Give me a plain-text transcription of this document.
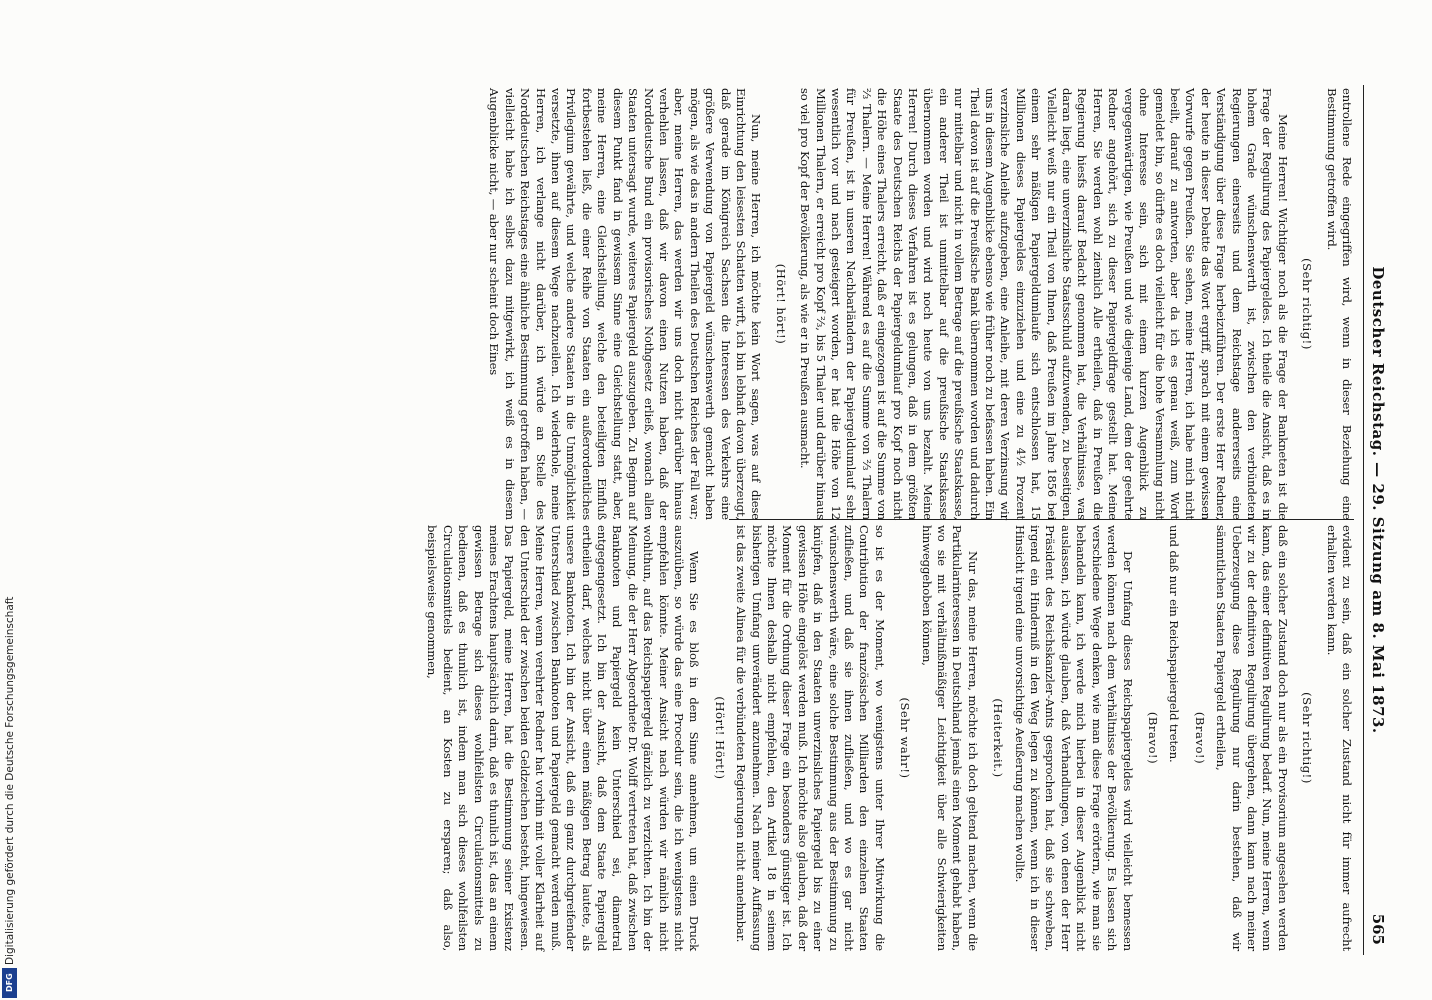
Deutscher Reichstag. — 29. Sitzung am 8. Mai 1873.
565

entrollene Rede eingegriffen wird, wenn in dieser Beziehung eine Bestimmung getroffen wird.

(Sehr richtig!)

Meine Herren! Wichtiger noch als die Frage der Bankneten ist die Frage der Regulirung des Papiergeldes. Ich theile die Ansicht, daß es in hohem Grade wünschenswerth ist, zwischen den verbündeten Regierungen einerseits und dem Reichstage andererseits eine Verständigung über diese Frage herbeizuführen. Der erste Herr Redner, der heute in dieser Debatte das Wort ergriff, sprach mit einem gewissen Vorwurfe gegen Preußen. Sie sehen, meine Herren, ich habe mich nicht beeilt, darauf zu antworten, aber da ich es genau weiß, zum Wort gemeldet bin, so dürfte es doch vielleicht für die hohe Versammlung nicht ohne Interesse sein, sich mit einem kurzen Augenblick zu vergegenwärtigen, wie Preußen und wie diejenige Land, dem der geehrte Redner angehört, sich zu dieser Papiergeldfrage gestellt hat. Meine Herren, Sie werden wohl ziemlich Alle ertheilen, daß in Preußen die Regierung hiesfs darauf Bedacht genommen hat, die Verhältnisse, was daran liegt, eine unverzinsliche Staatsschuld aufzuwenden, zu beseitigen. Vielleicht weiß nur ein Theil von Ihnen, daß Preußen im Jahre 1856 bei einem sehr mäßigen Papiergeldumlaufe sich entschlossen hat, 15 Millionen dieses Papiergeldes einzuziehen und eine zu 4½ Prozent verzinsliche Anleihe aufzugeben, eine Anleihe, mit deren Verzinsung wir uns in diesem Augenblicke ebenso wie früher noch zu befassen haben. Ein Theil davon ist auf die Preußische Bank übernommen worden und dadurch nur mittelbar und nicht in vollem Betrage auf die preußische Staatskasse, ein anderer Theil ist unmittelbar auf die preußische Staatskasse übernommen worden und wird noch heute von uns bezahlt. Meine Herren! Durch dieses Verfahren ist es gelungen, daß in dem größten Staate des Deutschen Reichs der Papiergeldumlauf pro Kopf noch nicht die Höhe eines Thalers erreicht, daß er eingezogen ist auf die Summe von ⅔ Thalern. — Meine Herren! Während es auf die Summe von ⅔ Thalern für Preußen, ist in unseren Nachbarländern der Papiergeldumlauf sehr wesentlich vor und nach gesteigert worden, er hat die Höhe von 12 Millionen Thalern, er erreicht pro Kopf ⅔, bis 5 Thaler und darüber hinaus so viel pro Kopf der Bevölkerung, als wie er in Preußen ausmacht.

(Hört! hört!)

Nun, meine Herren, ich möchte kein Wort sagen, was auf diese Einrichtung den leisesten Schatten wirft, ich bin lebhaft davon überzeugt, daß gerade im Königreich Sachsen die Interessen des Verkehrs eine größere Verwendung von Papiergeld wünschenswerth gemacht haben mögen, als wie das in andern Theilen des Deutschen Reiches der Fall war; aber, meine Herren, das werden wir uns doch nicht darüber hinaus verhehlen lassen, daß wir davon einen Nutzen haben, daß der Norddeutsche Bund ein provisorisches Nothgesetz erließ, wonach allen Staaten untersagt wurde, weiteres Papiergeld auszugeben. Zu Beginn auf diesem Punkt fand in gewissem Sinne eine Gleichstellung statt, aber, meine Herren, eine Gleichstellung, welche den beteiligten Einfluß fortbestehen ließ, die einer Reihe von Staaten ein außerordentliches Privilegium gewährte, und welche andere Staaten in die Unmöglichkeit versetzte, ihnen auf diesem Wege nachzueilen. Ich wiederhole, meine Herren, ich verlange nicht darüber, ich würde an Stelle des Norddeutschen Reichstages eine ähnliche Bestimmung getroffen haben, — vielleicht habe ich selbst dazu mitgewirkt, ich weiß es in diesem Augenblicke nicht, — aber nur scheint doch Eines

evident zu sein, daß ein solcher Zustand nicht für immer aufrecht erhalten werden kann.

(Sehr richtig!)

daß ein solcher Zustand doch nur als ein Provisorium angesehen werden kann, das einer definitiven Regulirung bedarf. Nun, meine Herren, wenn wir zu der definitiven Regulirung übergehen, dann kann nach meiner Ueberzeugung diese Regulirung nur darin bestehen, daß wir sämmtlichen Staaten Papiergeld ertheilen,

(Bravo!)

und daß nur ein Reichspapiergeld treten.

(Bravo!)

Der Umfang dieses Reichspapiergeldes wird vielleicht bemessen werden können nach dem Verhältnisse der Bevölkerung. Es lassen sich verschiedene Wege denken, wie man diese Frage erörtern, wie man sie behandeln kann, ich werde mich hierbei in dieser Augenblick nicht auslassen, ich würde glauben, daß Verhandlungen, von denen der Herr Präsident des Reichskanzler-Amts gesprochen hat, daß sie schweben, irgend ein Hinderniß in den Weg legen zu können, wenn ich in dieser Hinsicht irgend eine unvorsichtige Aeußerung machen wollte.

(Heiterkeit.)

Nur das, meine Herren, möchte ich doch geltend machen, wenn die Partikularinteressen in Deutschland jemals einen Moment gehabt haben, wo sie mit verhältnißmäßiger Leichtigkeit über alle Schwierigkeiten hinweggehoben können,

(Sehr wahr!)

so ist es der Moment, wo wenigstens unter Ihrer Mitwirkung die Contribution der französischen Milliarden den einzelnen Staaten zufließen, und daß sie ihnen zufließen, und wo es gar nicht wünschenswerth wäre, eine solche Bestimmung aus der Bestimmung zu knüpfen, daß in den Staaten unverzinsliches Papiergeld bis zu einer gewissen Höhe eingelöst werden muß. Ich möchte also glauben, daß der Moment für die Ordnung dieser Frage ein besonders günstiger ist. Ich möchte Ihnen deshalb nicht empfehlen, den Artikel 18 in seinem bisherigen Umfang unverändert anzunehmen. Nach meiner Auffassung ist das zweite Alinea für die verbündeten Regierungen nicht annehmbar.

(Hört! Hört!)

Wenn Sie es bloß in dem Sinne annehmen, um einen Druck auszuüben, so würde das eine Procedur sein, die ich wenigstens nicht empfehlen könnte. Meiner Ansicht nach würden wir nämlich nicht wohlthun, auf das Reichspapiergeld gänzlich zu verzichten. Ich bin der Meinung, die der Herr Abgeordnete Dr. Wolff vertreten hat, daß zwischen Banknoten und Papiergeld kein Unterschied sei, diametral entgegengesetzt. Ich bin der Ansicht, daß dem Staate Papiergeld ertheilen darf, welches nicht über einen mäßigen Betrag lautete, als unsere Banknoten. Ich bin der Ansicht, daß ein ganz durchgreifender Unterschied zwischen Banknoten und Papiergeld gemacht werden muß. Meine Herren, wenn verehrter Redner hat vorhin mit voller Klarheit auf den Unterschied der zwischen beiden Geldzeichen besteht, hingewiesen. Das Papiergeld, meine Herren, hat die Bestimmung seiner Existenz meines Erachtens hauptsächlich darin, daß es thunlich ist, das an einem gewissen Betrage sich dieses wohlfeilsten Circulationsmittels zu bedienen, daß es thunlich ist, indem man sich dieses wohlfeilsten Circulationsmittels bedient, an Kosten zu ersparen; daß also, beispielsweise genommen,

Digitalisierung gefördert durch die Deutsche Forschungsgemeinschaft
DFG
